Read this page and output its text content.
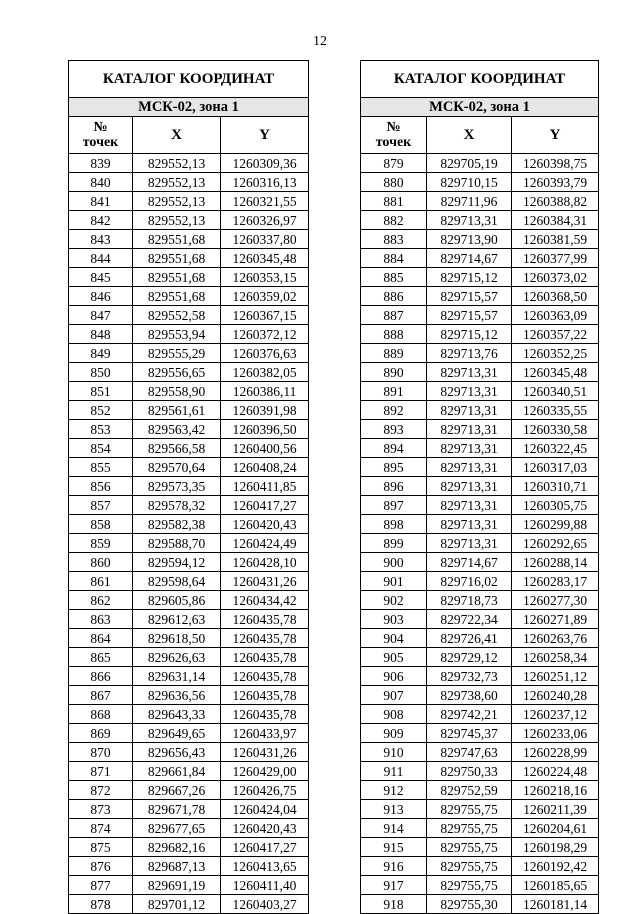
12
КАТАЛОГ КООРДИНАТ		
МСК-02, зона 1		
№
точек	X	Y
839	829552,13	1260309,36
840	829552,13	1260316,13
841	829552,13	1260321,55
842	829552,13	1260326,97
843	829551,68	1260337,80
844	829551,68	1260345,48
845	829551,68	1260353,15
846	829551,68	1260359,02
847	829552,58	1260367,15
848	829553,94	1260372,12
849	829555,29	1260376,63
850	829556,65	1260382,05
851	829558,90	1260386,11
852	829561,61	1260391,98
853	829563,42	1260396,50
854	829566,58	1260400,56
855	829570,64	1260408,24
856	829573,35	1260411,85
857	829578,32	1260417,27
858	829582,38	1260420,43
859	829588,70	1260424,49
860	829594,12	1260428,10
861	829598,64	1260431,26
862	829605,86	1260434,42
863	829612,63	1260435,78
864	829618,50	1260435,78
865	829626,63	1260435,78
866	829631,14	1260435,78
867	829636,56	1260435,78
868	829643,33	1260435,78
869	829649,65	1260433,97
870	829656,43	1260431,26
871	829661,84	1260429,00
872	829667,26	1260426,75
873	829671,78	1260424,04
874	829677,65	1260420,43
875	829682,16	1260417,27
876	829687,13	1260413,65
877	829691,19	1260411,40
878	829701,12	1260403,27
КАТАЛОГ КООРДИНАТ		
МСК-02, зона 1		
№
точек	X	Y
879	829705,19	1260398,75
880	829710,15	1260393,79
881	829711,96	1260388,82
882	829713,31	1260384,31
883	829713,90	1260381,59
884	829714,67	1260377,99
885	829715,12	1260373,02
886	829715,57	1260368,50
887	829715,57	1260363,09
888	829715,12	1260357,22
889	829713,76	1260352,25
890	829713,31	1260345,48
891	829713,31	1260340,51
892	829713,31	1260335,55
893	829713,31	1260330,58
894	829713,31	1260322,45
895	829713,31	1260317,03
896	829713,31	1260310,71
897	829713,31	1260305,75
898	829713,31	1260299,88
899	829713,31	1260292,65
900	829714,67	1260288,14
901	829716,02	1260283,17
902	829718,73	1260277,30
903	829722,34	1260271,89
904	829726,41	1260263,76
905	829729,12	1260258,34
906	829732,73	1260251,12
907	829738,60	1260240,28
908	829742,21	1260237,12
909	829745,37	1260233,06
910	829747,63	1260228,99
911	829750,33	1260224,48
912	829752,59	1260218,16
913	829755,75	1260211,39
914	829755,75	1260204,61
915	829755,75	1260198,29
916	829755,75	1260192,42
917	829755,75	1260185,65
918	829755,30	1260181,14
